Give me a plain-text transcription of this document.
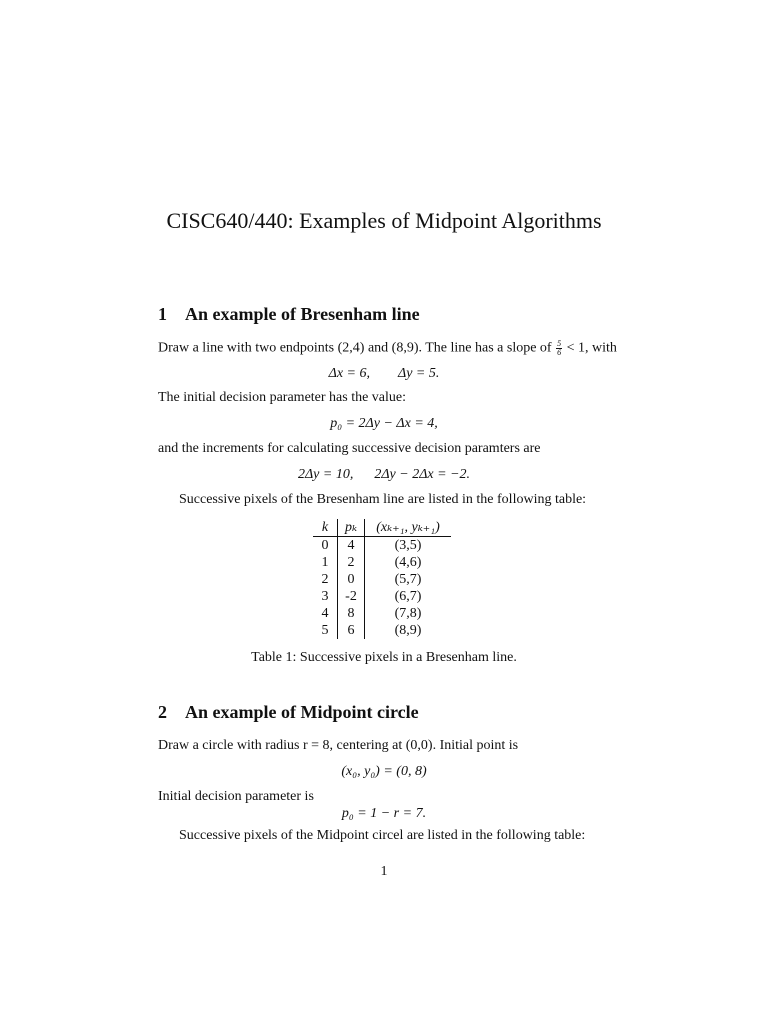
CISC640/440: Examples of Midpoint Algorithms
1 An example of Bresenham line
Draw a line with two endpoints (2,4) and (8,9). The line has a slope of $\frac{5}{6} < 1$, with
Δx = 6,        Δy = 5.
The initial decision parameter has the value:
p₀ = 2Δy − Δx = 4,
and the increments for calculating successive decision paramters are
2Δy = 10,      2Δy − 2Δx = −2.
Successive pixels of the Bresenham line are listed in the following table:
k	pₖ	(xₖ₊₁, yₖ₊₁)
0	4	(3,5)
1	2	(4,6)
2	0	(5,7)
3	-2	(6,7)
4	8	(7,8)
5	6	(8,9)
Table 1: Successive pixels in a Bresenham line.
2 An example of Midpoint circle
Draw a circle with radius r = 8, centering at (0,0). Initial point is
(x₀, y₀) = (0, 8)
Initial decision parameter is
p₀ = 1 − r = 7.
Successive pixels of the Midpoint circel are listed in the following table:
1
